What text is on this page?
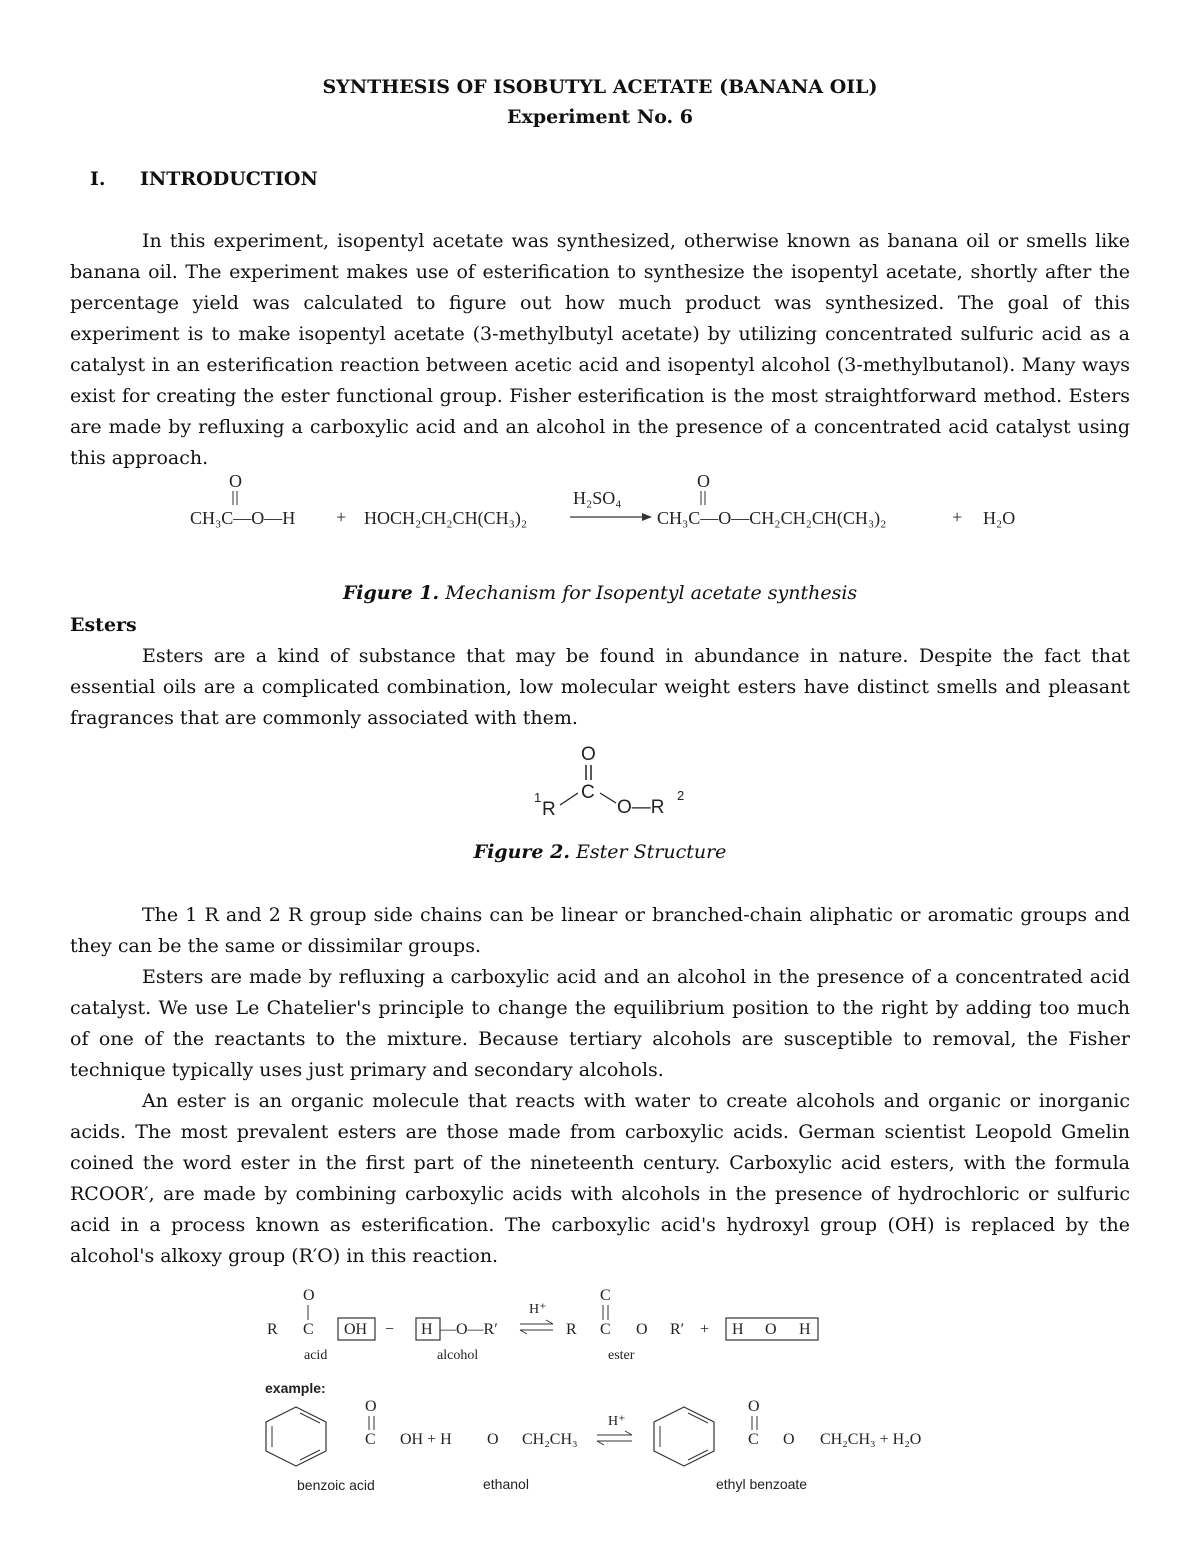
SYNTHESIS OF ISOBUTYL ACETATE (BANANA OIL)
Experiment No. 6
I. INTRODUCTION

In this experiment, isopentyl acetate was synthesized, otherwise known as banana oil or smells like banana oil. The experiment makes use of esterification to synthesize the isopentyl acetate, shortly after the percentage yield was calculated to figure out how much product was synthesized. The goal of this experiment is to make isopentyl acetate (3-methylbutyl acetate) by utilizing concentrated sulfuric acid as a catalyst in an esterification reaction between acetic acid and isopentyl alcohol (3-methylbutanol). Many ways exist for creating the ester functional group. Fisher esterification is the most straightforward method. Esters are made by refluxing a carboxylic acid and an alcohol in the presence of a concentrated acid catalyst using this approach.

O
CH₃C—O—H + HOCH₂CH₂CH(CH₃)₂
H₂SO₄
O
CH₃C—O—CH₂CH₂CH(CH₃)₂	+ H₂O
Figure 1. Mechanism for Isopentyl acetate synthesis
Esters

Esters are a kind of substance that may be found in abundance in nature. Despite the fact that essential oils are a complicated combination, low molecular weight esters have distinct smells and pleasant fragrances that are commonly associated with them.

O
C
1
R	O—R
2
Figure 2. Ester Structure

The 1 R and 2 R group side chains can be linear or branched-chain aliphatic or aromatic groups and they can be the same or dissimilar groups.

Esters are made by refluxing a carboxylic acid and an alcohol in the presence of a concentrated acid catalyst. We use Le Chatelier's principle to change the equilibrium position to the right by adding too much of one of the reactants to the mixture. Because tertiary alcohols are susceptible to removal, the Fisher technique typically uses just primary and secondary alcohols.

An ester is an organic molecule that reacts with water to create alcohols and organic or inorganic acids. The most prevalent esters are those made from carboxylic acids. German scientist Leopold Gmelin coined the word ester in the first part of the nineteenth century. Carboxylic acid esters, with the formula RCOOR′, are made by combining carboxylic acids with alcohols in the presence of hydrochloric or sulfuric acid in a process known as esterification. The carboxylic acid's hydroxyl group (OH) is replaced by the alcohol's alkoxy group (R′O) in this reaction.

O
R C OH − H —O—R′
H⁺
R
C
C O R′ + H O H
acid	alcohol	ester
example:
O
C OH + H O CH₂CH₃
H⁺
O
C O CH₂CH₃ + H₂O
benzoic acid	ethanol	ethyl benzoate
